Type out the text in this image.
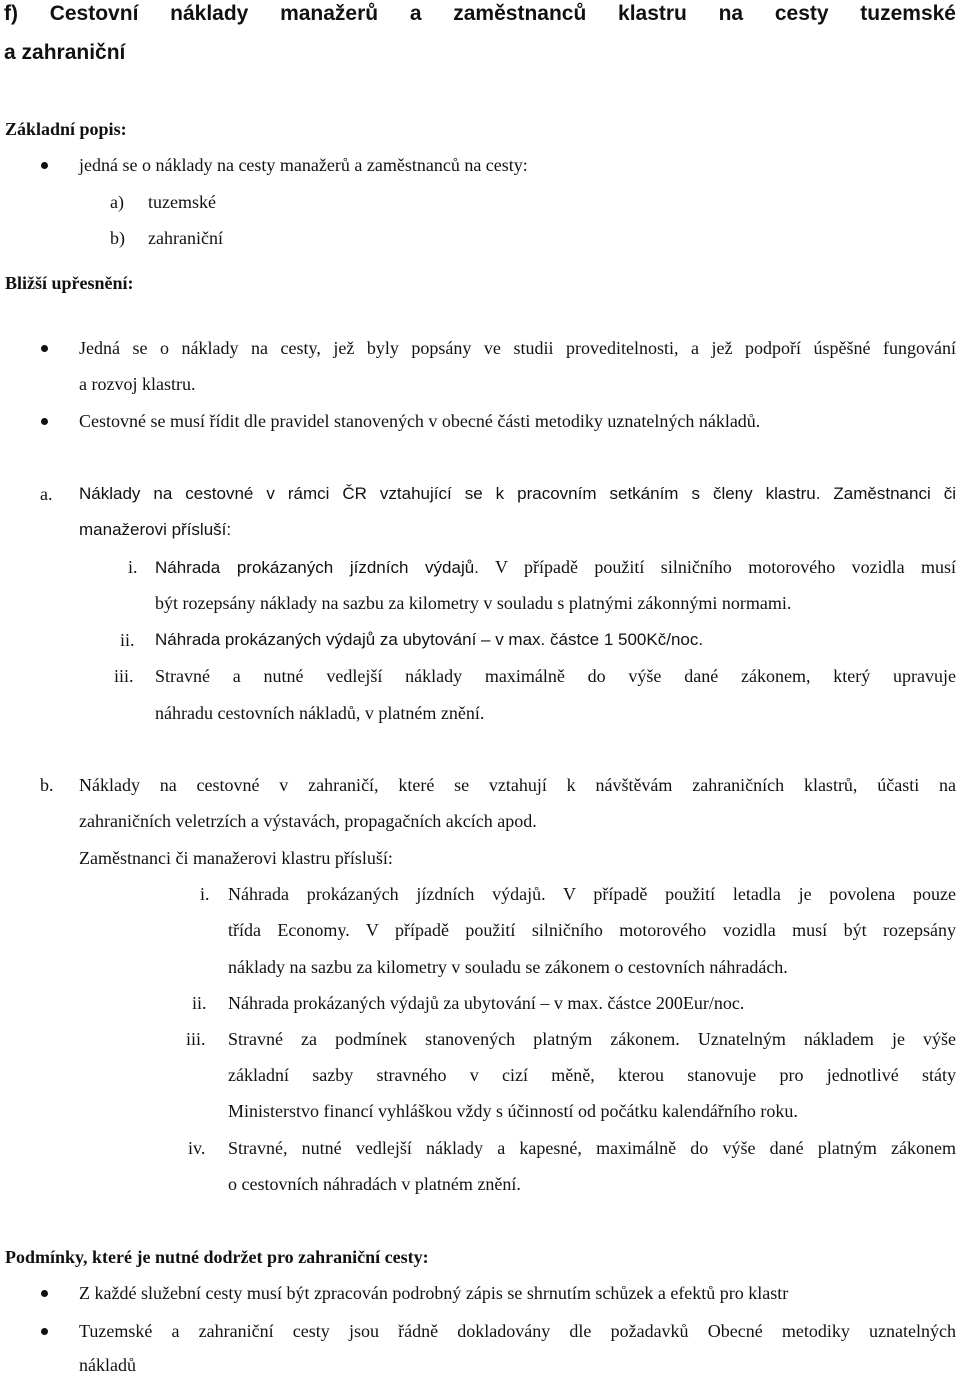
f) Cestovní náklady manažerů a zaměstnanců klastru na cesty tuzemské
a zahraniční
Základní popis:
jedná se o náklady na cesty manažerů a zaměstnanců na cesty:
a) tuzemské
b) zahraniční
Bližší upřesnění:
Jedná se o náklady na cesty, jež byly popsány ve studii proveditelnosti, a jež podpoří úspěšné fungování
a rozvoj klastru.
Cestovné se musí řídit dle pravidel stanovených v obecné části metodiky uznatelných nákladů.
a. Náklady na cestovné v rámci ČR vztahující se k pracovním setkáním s členy klastru. Zaměstnanci či
manažerovi přísluší:
i. Náhrada prokázaných jízdních výdajů. V případě použití silničního motorového vozidla musí
být rozepsány náklady na sazbu za kilometry v souladu s platnými zákonnými normami.
ii. Náhrada prokázaných výdajů za ubytování – v max. částce 1 500Kč/noc.
iii. Stravné a nutné vedlejší náklady maximálně do výše dané zákonem, který upravuje
náhradu cestovních nákladů, v platném znění.
b. Náklady na cestovné v zahraničí, které se vztahují k návštěvám zahraničních klastrů, účasti na
zahraničních veletrzích a výstavách, propagačních akcích apod.
Zaměstnanci či manažerovi klastru přísluší:
i. Náhrada prokázaných jízdních výdajů. V případě použití letadla je povolena pouze
třída Economy. V případě použití silničního motorového vozidla musí být rozepsány
náklady na sazbu za kilometry v souladu se zákonem o cestovních náhradách.
ii. Náhrada prokázaných výdajů za ubytování – v max. částce 200Eur/noc.
iii. Stravné za podmínek stanovených platným zákonem. Uznatelným nákladem je výše
základní sazby stravného v cizí měně, kterou stanovuje pro jednotlivé státy
Ministerstvo financí vyhláškou vždy s účinností od počátku kalendářního roku.
iv. Stravné, nutné vedlejší náklady a kapesné, maximálně do výše dané platným zákonem
o cestovních náhradách v platném znění.
Podmínky, které je nutné dodržet pro zahraniční cesty:
Z každé služební cesty musí být zpracován podrobný zápis se shrnutím schůzek a efektů pro klastr
Tuzemské a zahraniční cesty jsou řádně dokladovány dle požadavků Obecné metodiky uznatelných
nákladů
